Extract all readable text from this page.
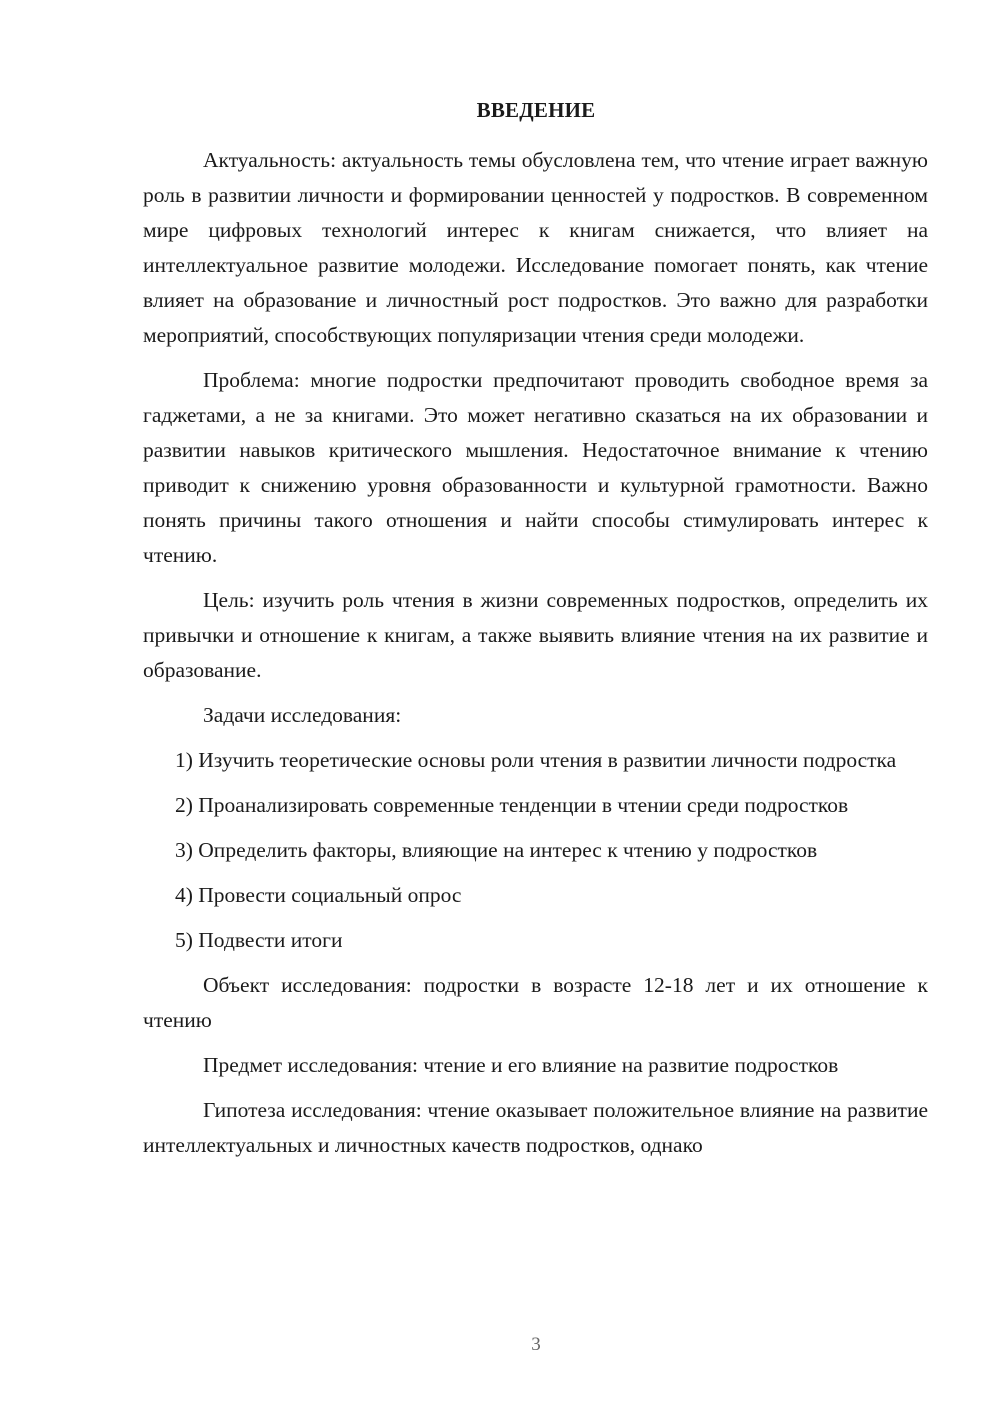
ВВЕДЕНИЕ

Актуальность: актуальность темы обусловлена тем, что чтение играет важную роль в развитии личности и формировании ценностей у подростков. В современном мире цифровых технологий интерес к книгам снижается, что влияет на интеллектуальное развитие молодежи. Исследование помогает понять, как чтение влияет на образование и личностный рост подростков. Это важно для разработки мероприятий, способствующих популяризации чтения среди молодежи.

Проблема: многие подростки предпочитают проводить свободное время за гаджетами, а не за книгами. Это может негативно сказаться на их образовании и развитии навыков критического мышления. Недостаточное внимание к чтению приводит к снижению уровня образованности и культурной грамотности. Важно понять причины такого отношения и найти способы стимулировать интерес к чтению.

Цель: изучить роль чтения в жизни современных подростков, определить их привычки и отношение к книгам, а также выявить влияние чтения на их развитие и образование.

Задачи исследования:

1) Изучить теоретические основы роли чтения в развитии личности подростка

2) Проанализировать современные тенденции в чтении среди подростков

3) Определить факторы, влияющие на интерес к чтению у подростков

4) Провести социальный опрос

5) Подвести итоги

Объект исследования: подростки в возрасте 12-18 лет и их отношение к чтению

Предмет исследования: чтение и его влияние на развитие подростков

Гипотеза исследования: чтение оказывает положительное влияние на развитие интеллектуальных и личностных качеств подростков, однако

3
